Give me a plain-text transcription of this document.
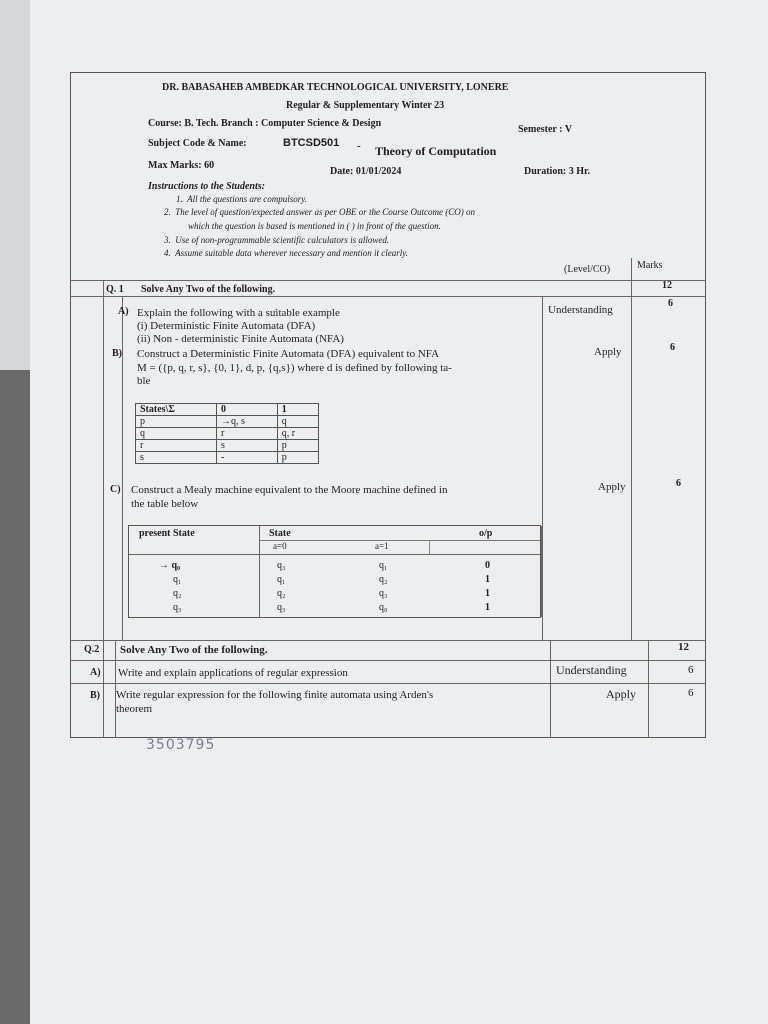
DR. BABASAHEB AMBEDKAR TECHNOLOGICAL UNIVERSITY, LONERE
Regular & Supplementary Winter 23
Course: B. Tech. Branch : Computer Science & Design
Semester : V
Subject Code & Name:	BTCSD501 - Theory of Computation
Max Marks: 60
Date: 01/01/2024	Duration: 3 Hr.
Instructions to the Students:
1. All the questions are compulsory.
2. The level of question/expected answer as per OBE or the Course Outcome (CO) on
which the question is based is mentioned in ( ) in front of the question.
3. Use of non-programmable scientific calculators is allowed.
4. Assume suitable data wherever necessary and mention it clearly.
(Level/CO)	Marks
Q. 1 Solve Any Two of the following.	12
A) Explain the following with a suitable example
(i) Deterministic Finite Automata (DFA)
(ii) Non - deterministic Finite Automata (NFA)
Understanding
6
B) Construct a Deterministic Finite Automata (DFA) equivalent to NFA
M = ({p, q, r, s}, {0, 1}, d, p, {q,s}) where d is defined by following ta-
ble
Apply	6
States\Σ	0	1
p	→q, s	q
q	r	q, r
r	s	p
s	-	p
C) Construct a Mealy machine equivalent to the Moore machine defined in
the table below
Apply	6
present State	State	o/p
a=0	a=1
→ q₀	q₃	q₁	0
q₁	q₁	q₂	1
q₂	q₂	q₃	1
q₃	q₃	q₀	1
Q.2 Solve Any Two of the following.	12
A) Write and explain applications of regular expression	Understanding	6
B) Write regular expression for the following finite automata using Arden's
theorem
Apply	6
3503795
